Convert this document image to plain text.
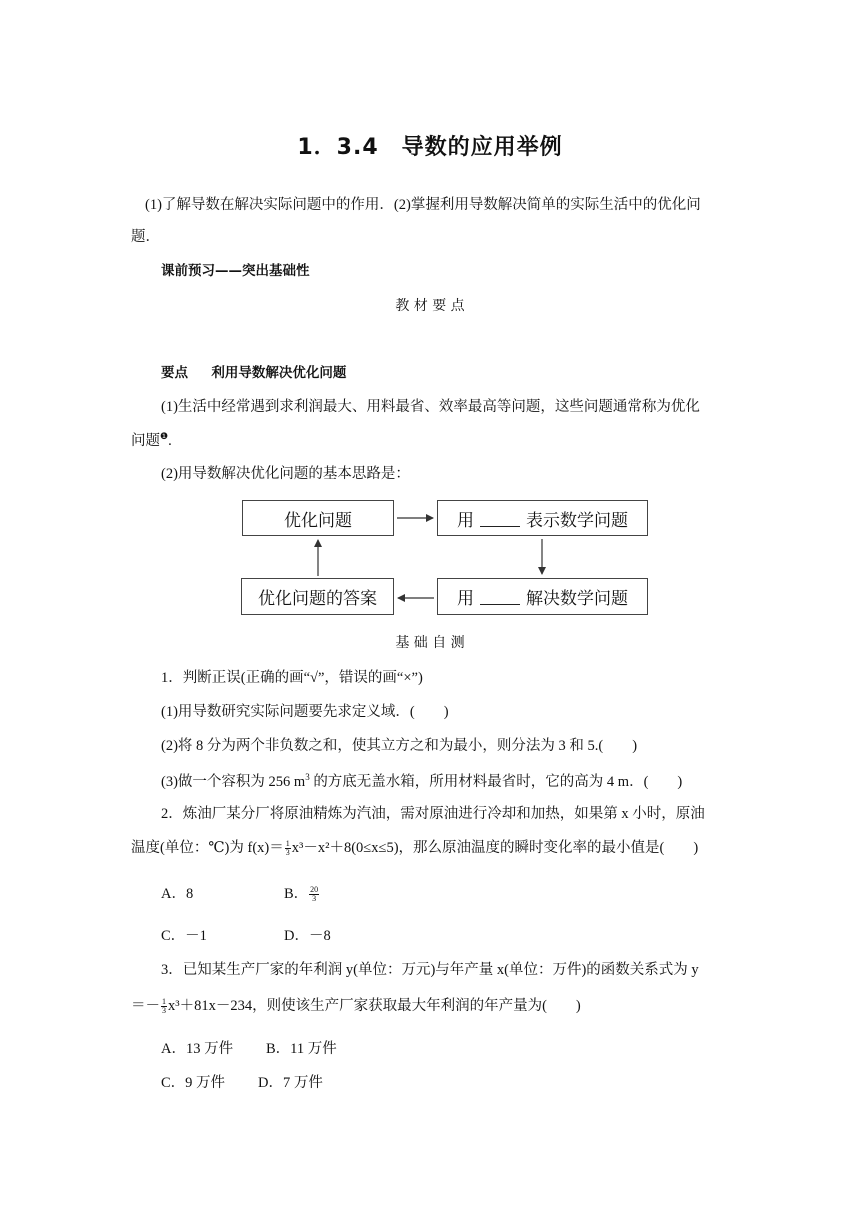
1．3.4　导数的应用举例
(1)了解导数在解决实际问题中的作用．(2)掌握利用导数解决简单的实际生活中的优化问
题．
课前预习——突出基础性
教 材 要 点
要点 利用导数解决优化问题
(1)生活中经常遇到求利润最大、用料最省、效率最高等问题，这些问题通常称为优化
问题$^❶$.
(2)用导数解决优化问题的基本思路是：
优化问题	用	表示数学问题
用	解决数学问题
优化问题的答案
基 础 自 测
1．判断正误(正确的画“√”，错误的画“×”)
(1)用导数研究实际问题要先求定义域．(　　)
(2)将 8 分为两个非负数之和，使其立方之和为最小，则分法为 3 和 5.(　　)
(3)做一个容积为 256 $m^3$ 的方底无盖水箱，所用材料最省时，它的高为 4 m．(　　)
2．炼油厂某分厂将原油精炼为汽油，需对原油进行冷却和加热，如果第 x 小时，原油
温度(单位：℃)为 $f(x)= \frac{1}{3} x^3-x^2+8(0\le x\le 5)$，那么原油温度的瞬时变化率的最小值是(　　)
A．8	B． $\frac{20}{3}$
C．－1	D．－8
3．已知某生产厂家的年利润 y(单位：万元)与年产量 x(单位：万件)的函数关系式为 y
＝－ $\frac{1}{3} x^3+81x-234$，则使该生产厂家获取最大年利润的年产量为(　　)
A．13 万件 B．11 万件
C．9 万件 D．7 万件
